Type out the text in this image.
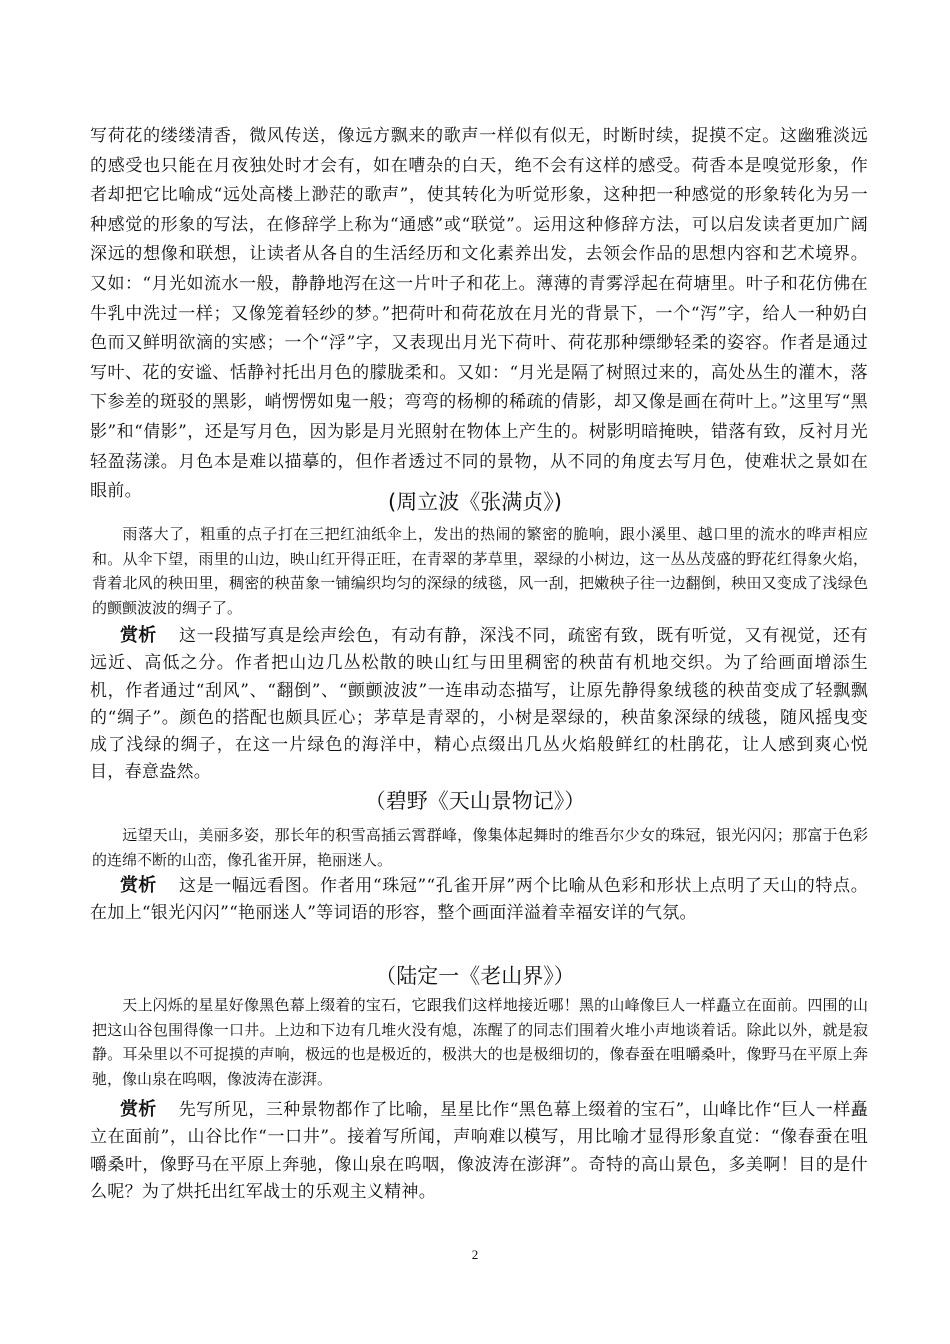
写荷花的缕缕清香，微风传送，像远方飘来的歌声一样似有似无，时断时续，捉摸不定。这幽雅淡远的感受也只能在月夜独处时才会有，如在嘈杂的白天，绝不会有这样的感受。荷香本是嗅觉形象，作者却把它比喻成“远处高楼上渺茫的歌声”，使其转化为听觉形象，这种把一种感觉的形象转化为另一种感觉的形象的写法，在修辞学上称为“通感”或“联觉”。运用这种修辞方法，可以启发读者更加广阔深远的想像和联想，让读者从各自的生活经历和文化素养出发，去领会作品的思想内容和艺术境界。又如：“月光如流水一般，静静地泻在这一片叶子和花上。薄薄的青雾浮起在荷塘里。叶子和花仿佛在牛乳中洗过一样；又像笼着轻纱的梦。”把荷叶和荷花放在月光的背景下，一个“泻”字，给人一种奶白色而又鲜明欲滴的实感；一个“浮”字，又表现出月光下荷叶、荷花那种缥缈轻柔的姿容。作者是通过写叶、花的安谧、恬静衬托出月色的朦胧柔和。又如：“月光是隔了树照过来的，高处丛生的灌木，落下参差的斑驳的黑影，峭愣愣如鬼一般；弯弯的杨柳的稀疏的倩影，却又像是画在荷叶上。”这里写“黑影”和“倩影”，还是写月色，因为影是月光照射在物体上产生的。树影明暗掩映，错落有致，反衬月光轻盈荡漾。月色本是难以描摹的，但作者透过不同的景物，从不同的角度去写月色，使难状之景如在眼前。	(周立波《张满贞》)
雨落大了，粗重的点子打在三把红油纸伞上，发出的热闹的繁密的脆响，跟小溪里、越口里的流水的哗声相应和。从伞下望，雨里的山边，映山红开得正旺，在青翠的茅草里，翠绿的小树边，这一丛丛茂盛的野花红得象火焰，背着北风的秧田里，稠密的秧苗象一铺编织均匀的深绿的绒毯，风一刮，把嫩秧子往一边翻倒，秧田又变成了浅绿色的颤颤波波的绸子了。
赏析 这一段描写真是绘声绘色，有动有静，深浅不同，疏密有致，既有听觉，又有视觉，还有远近、高低之分。作者把山边几丛松散的映山红与田里稠密的秧苗有机地交织。为了给画面增添生机，作者通过“刮风”、“翻倒”、“颤颤波波”一连串动态描写，让原先静得象绒毯的秧苗变成了轻飘飘的“绸子”。颜色的搭配也颇具匠心；茅草是青翠的，小树是翠绿的，秧苗象深绿的绒毯，随风摇曳变成了浅绿的绸子，在这一片绿色的海洋中，精心点缀出几丛火焰般鲜红的杜鹃花，让人感到爽心悦目，春意盎然。
（碧野《天山景物记》）
远望天山，美丽多姿，那长年的积雪高插云霄群峰，像集体起舞时的维吾尔少女的珠冠，银光闪闪；那富于色彩的连绵不断的山峦，像孔雀开屏，艳丽迷人。
赏析 这是一幅远看图。作者用“珠冠”“孔雀开屏”两个比喻从色彩和形状上点明了天山的特点。在加上“银光闪闪”“艳丽迷人”等词语的形容，整个画面洋溢着幸福安详的气氛。
（陆定一《老山界》）
天上闪烁的星星好像黑色幕上缀着的宝石，它跟我们这样地接近哪！黑的山峰像巨人一样矗立在面前。四围的山把这山谷包围得像一口井。上边和下边有几堆火没有熄，冻醒了的同志们围着火堆小声地谈着话。除此以外，就是寂静。耳朵里以不可捉摸的声响，极远的也是极近的，极洪大的也是极细切的，像春蚕在咀嚼桑叶，像野马在平原上奔驰，像山泉在呜咽，像波涛在澎湃。
赏析 先写所见，三种景物都作了比喻，星星比作“黑色幕上缀着的宝石”，山峰比作“巨人一样矗立在面前”，山谷比作“一口井”。接着写所闻，声响难以模写，用比喻才显得形象直觉：“像春蚕在咀嚼桑叶，像野马在平原上奔驰，像山泉在呜咽，像波涛在澎湃”。奇特的高山景色，多美啊！目的是什么呢？为了烘托出红军战士的乐观主义精神。
2
